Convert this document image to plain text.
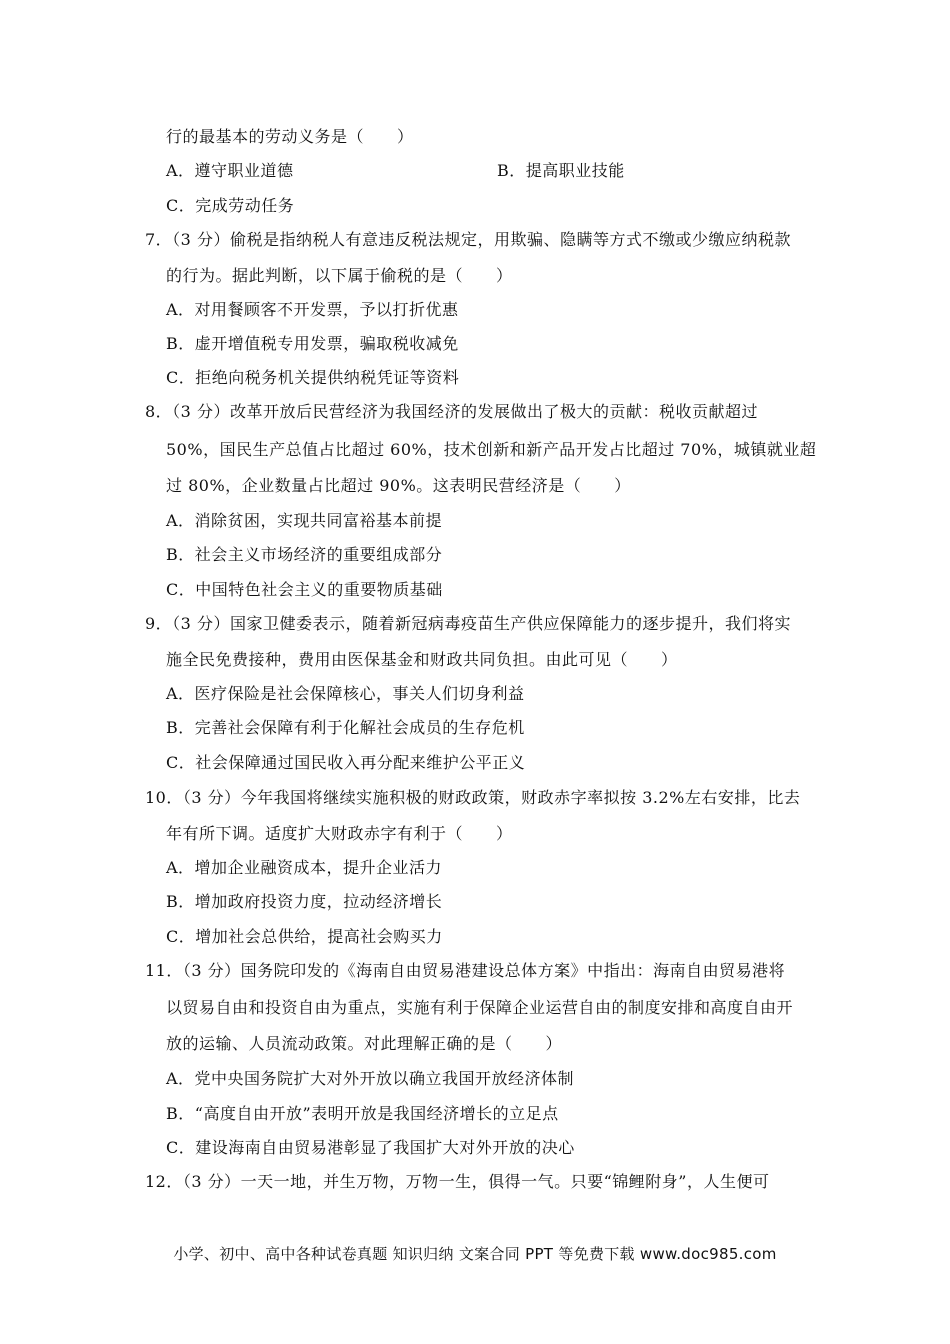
行的最基本的劳动义务是（　　）
A．遵守职业道德	B．提高职业技能
C．完成劳动任务
7．（3 分）偷税是指纳税人有意违反税法规定，用欺骗、隐瞒等方式不缴或少缴应纳税款
的行为。据此判断，以下属于偷税的是（　　）
A．对用餐顾客不开发票，予以打折优惠
B．虚开增值税专用发票，骗取税收减免
C．拒绝向税务机关提供纳税凭证等资料
8．（3 分）改革开放后民营经济为我国经济的发展做出了极大的贡献：税收贡献超过
50%，国民生产总值占比超过 60%，技术创新和新产品开发占比超过 70%，城镇就业超
过 80%，企业数量占比超过 90%。这表明民营经济是（　　）
A．消除贫困，实现共同富裕基本前提
B．社会主义市场经济的重要组成部分
C．中国特色社会主义的重要物质基础
9．（3 分）国家卫健委表示，随着新冠病毒疫苗生产供应保障能力的逐步提升，我们将实
施全民免费接种，费用由医保基金和财政共同负担。由此可见（　　）
A．医疗保险是社会保障核心，事关人们切身利益
B．完善社会保障有利于化解社会成员的生存危机
C．社会保障通过国民收入再分配来维护公平正义
10．（3 分）今年我国将继续实施积极的财政政策，财政赤字率拟按 3.2%左右安排，比去
年有所下调。适度扩大财政赤字有利于（　　）
A．增加企业融资成本，提升企业活力
B．增加政府投资力度，拉动经济增长
C．增加社会总供给，提高社会购买力
11．（3 分）国务院印发的《海南自由贸易港建设总体方案》中指出：海南自由贸易港将
以贸易自由和投资自由为重点，实施有利于保障企业运营自由的制度安排和高度自由开
放的运输、人员流动政策。对此理解正确的是（　　）
A．党中央国务院扩大对外开放以确立我国开放经济体制
B．“高度自由开放”表明开放是我国经济增长的立足点
C．建设海南自由贸易港彰显了我国扩大对外开放的决心
12．（3 分）一天一地，并生万物，万物一生，俱得一气。只要“锦鲤附身”，人生便可
小学、初中、高中各种试卷真题 知识归纳 文案合同 PPT 等免费下载 www.doc985.com
